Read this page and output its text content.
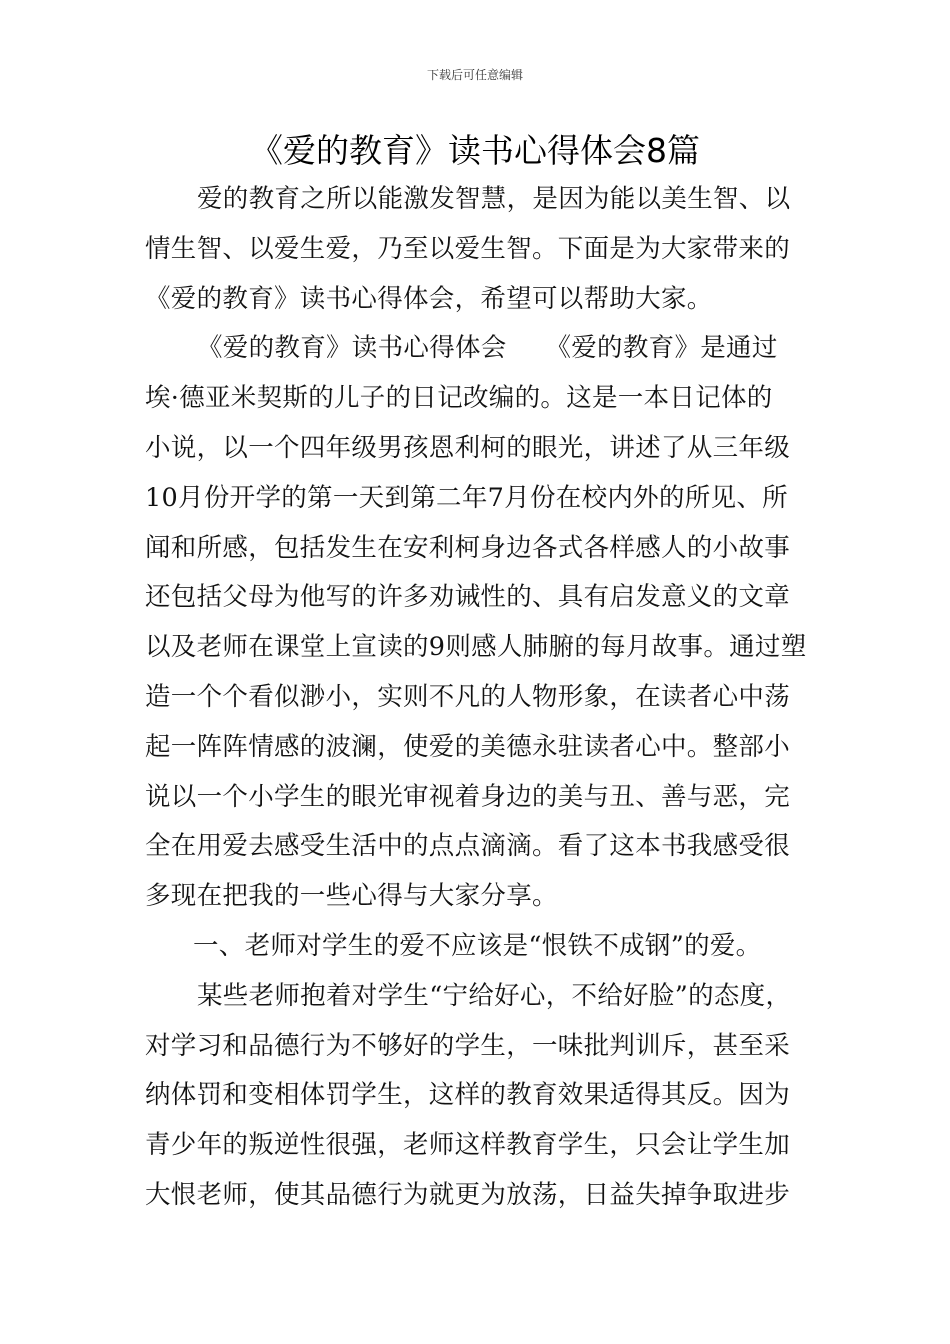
下载后可任意编辑
《爱的教育》读书心得体会8篇
爱的教育之所以能激发智慧，是因为能以美生智、以
情生智、以爱生爱，乃至以爱生智。下面是为大家带来的
《爱的教育》读书心得体会，希望可以帮助大家。
《爱的教育》读书心得体会　　《爱的教育》是通过
埃·德亚米契斯的儿子的日记改编的。这是一本日记体的
小说，以一个四年级男孩恩利柯的眼光，讲述了从三年级
10月份开学的第一天到第二年7月份在校内外的所见、所
闻和所感，包括发生在安利柯身边各式各样感人的小故事
还包括父母为他写的许多劝诫性的、具有启发意义的文章
以及老师在课堂上宣读的9则感人肺腑的每月故事。通过塑
造一个个看似渺小，实则不凡的人物形象，在读者心中荡
起一阵阵情感的波澜，使爱的美德永驻读者心中。整部小
说以一个小学生的眼光审视着身边的美与丑、善与恶，完
全在用爱去感受生活中的点点滴滴。看了这本书我感受很
多现在把我的一些心得与大家分享。
一、老师对学生的爱不应该是“恨铁不成钢”的爱。
某些老师抱着对学生“宁给好心，不给好脸”的态度，
对学习和品德行为不够好的学生，一味批判训斥，甚至采
纳体罚和变相体罚学生，这样的教育效果适得其反。因为
青少年的叛逆性很强，老师这样教育学生，只会让学生加
大恨老师，使其品德行为就更为放荡，日益失掉争取进步
